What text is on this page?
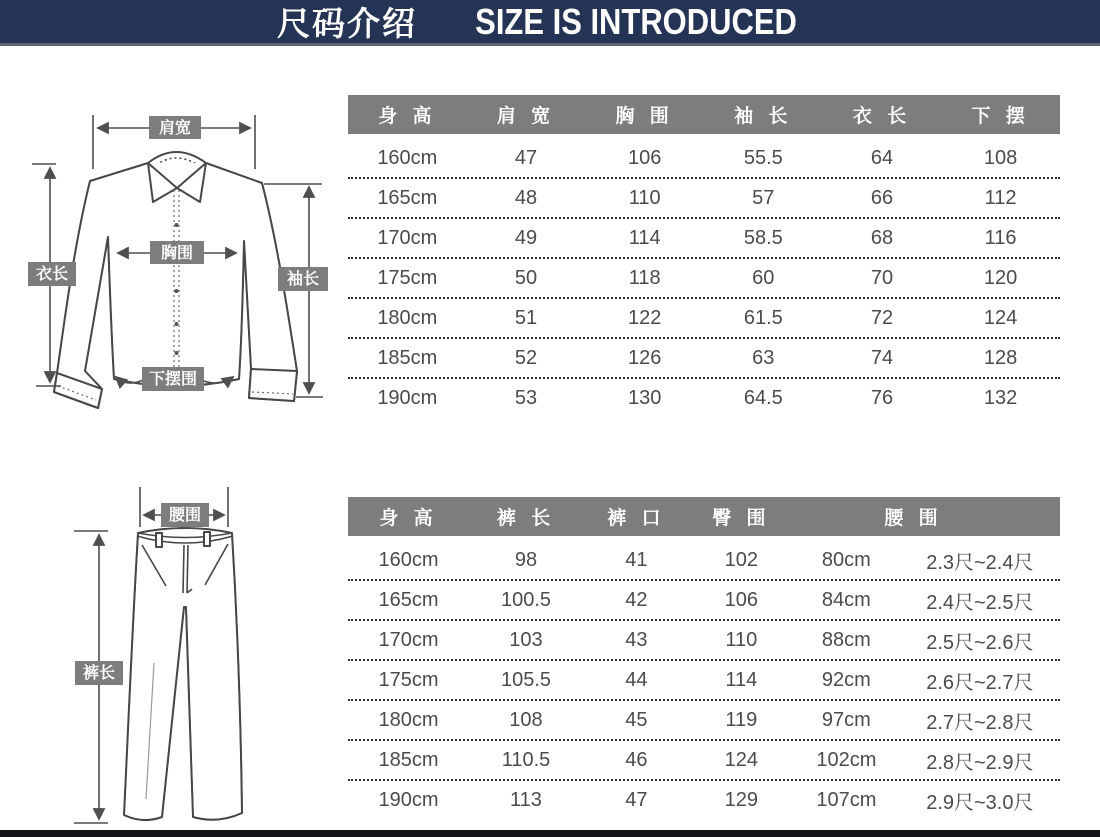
尺码介绍 SIZE IS INTRODUCED
肩宽
衣长
胸围
袖长
下摆围
腰围
裤长
身 高	肩 宽	胸 围	袖 长	衣 长	下 摆
160cm	47	106	55.5	64	108
165cm	48	110	57	66	112
170cm	49	114	58.5	68	116
175cm	50	118	60	70	120
180cm	51	122	61.5	72	124
185cm	52	126	63	74	128
190cm	53	130	64.5	76	132
身 高	裤 长	裤 口	臀 围	腰 围
160cm	98	41	102	80cm	2.3尺~2.4尺
165cm	100.5	42	106	84cm	2.4尺~2.5尺
170cm	103	43	110	88cm	2.5尺~2.6尺
175cm	105.5	44	114	92cm	2.6尺~2.7尺
180cm	108	45	119	97cm	2.7尺~2.8尺
185cm	110.5	46	124	102cm	2.8尺~2.9尺
190cm	113	47	129	107cm	2.9尺~3.0尺
